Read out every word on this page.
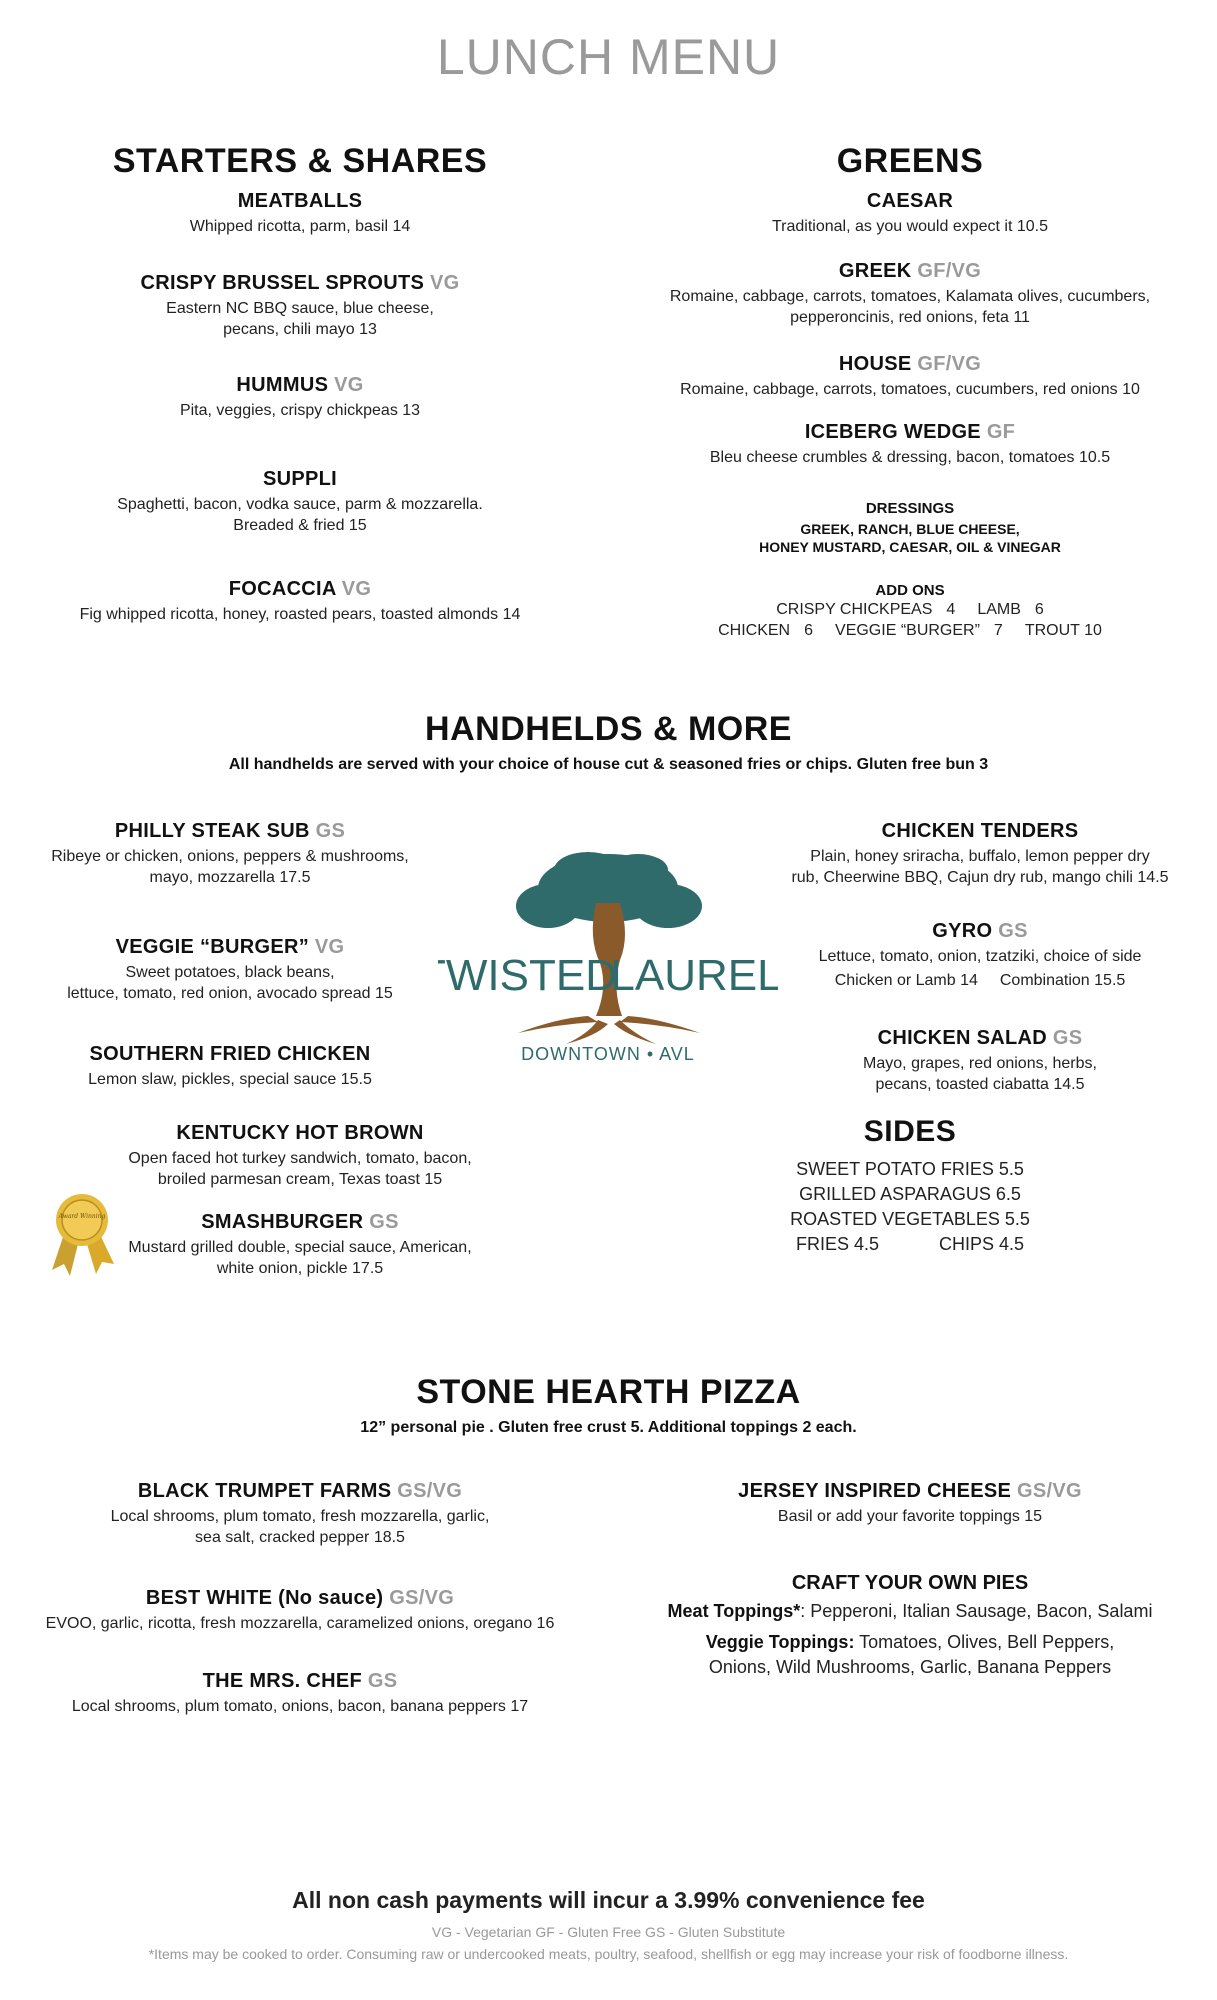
LUNCH MENU
STARTERS & SHARES
MEATBALLS
Whipped ricotta, parm, basil 14
CRISPY BRUSSEL SPROUTS VG
Eastern NC BBQ sauce, blue cheese,
pecans, chili mayo 13
HUMMUS VG
Pita, veggies, crispy chickpeas 13
SUPPLI
Spaghetti, bacon, vodka sauce, parm & mozzarella.
Breaded & fried 15
FOCACCIA VG
Fig whipped ricotta, honey, roasted pears, toasted almonds 14
GREENS
CAESAR
Traditional, as you would expect it 10.5
GREEK GF/VG
Romaine, cabbage, carrots, tomatoes, Kalamata olives, cucumbers,
pepperoncinis, red onions, feta 11
HOUSE GF/VG
Romaine, cabbage, carrots, tomatoes, cucumbers, red onions 10
ICEBERG WEDGE GF
Bleu cheese crumbles & dressing, bacon, tomatoes 10.5
DRESSINGS
GREEK, RANCH, BLUE CHEESE,
HONEY MUSTARD, CAESAR, OIL & VINEGAR
ADD ONS
CRISPY CHICKPEAS 4 LAMB 6
CHICKEN 6 VEGGIE “BURGER” 7 TROUT 10
HANDHELDS & MORE
All handhelds are served with your choice of house cut & seasoned fries or chips. Gluten free bun 3
PHILLY STEAK SUB GS
Ribeye or chicken, onions, peppers & mushrooms,
mayo, mozzarella 17.5
VEGGIE “BURGER” VG
Sweet potatoes, black beans,
lettuce, tomato, red onion, avocado spread 15
SOUTHERN FRIED CHICKEN
Lemon slaw, pickles, special sauce 15.5
KENTUCKY HOT BROWN
Open faced hot turkey sandwich, tomato, bacon,
broiled parmesan cream, Texas toast 15
SMASHBURGER GS
Mustard grilled double, special sauce, American,
white onion, pickle 17.5
Award Winning
TWISTED
LAUREL
DOWNTOWN • AVL
CHICKEN TENDERS
Plain, honey sriracha, buffalo, lemon pepper dry
rub, Cheerwine BBQ, Cajun dry rub, mango chili 14.5
GYRO GS
Lettuce, tomato, onion, tzatziki, choice of side
Chicken or Lamb 14 Combination 15.5
CHICKEN SALAD GS
Mayo, grapes, red onions, herbs,
pecans, toasted ciabatta 14.5
SIDES
SWEET POTATO FRIES 5.5
GRILLED ASPARAGUS 6.5
ROASTED VEGETABLES 5.5
FRIES 4.5	CHIPS 4.5
STONE HEARTH PIZZA
12” personal pie . Gluten free crust 5. Additional toppings 2 each.
BLACK TRUMPET FARMS GS/VG
Local shrooms, plum tomato, fresh mozzarella, garlic,
sea salt, cracked pepper 18.5
BEST WHITE (No sauce) GS/VG
EVOO, garlic, ricotta, fresh mozzarella, caramelized onions, oregano 16
THE MRS. CHEF GS
Local shrooms, plum tomato, onions, bacon, banana peppers 17
JERSEY INSPIRED CHEESE GS/VG
Basil or add your favorite toppings 15
CRAFT YOUR OWN PIES
Meat Toppings*: Pepperoni, Italian Sausage, Bacon, Salami
Veggie Toppings: Tomatoes, Olives, Bell Peppers,
Onions, Wild Mushrooms, Garlic, Banana Peppers
All non cash payments will incur a 3.99% convenience fee
VG - Vegetarian GF - Gluten Free GS - Gluten Substitute
*Items may be cooked to order. Consuming raw or undercooked meats, poultry, seafood, shellfish or egg may increase your risk of foodborne illness.
